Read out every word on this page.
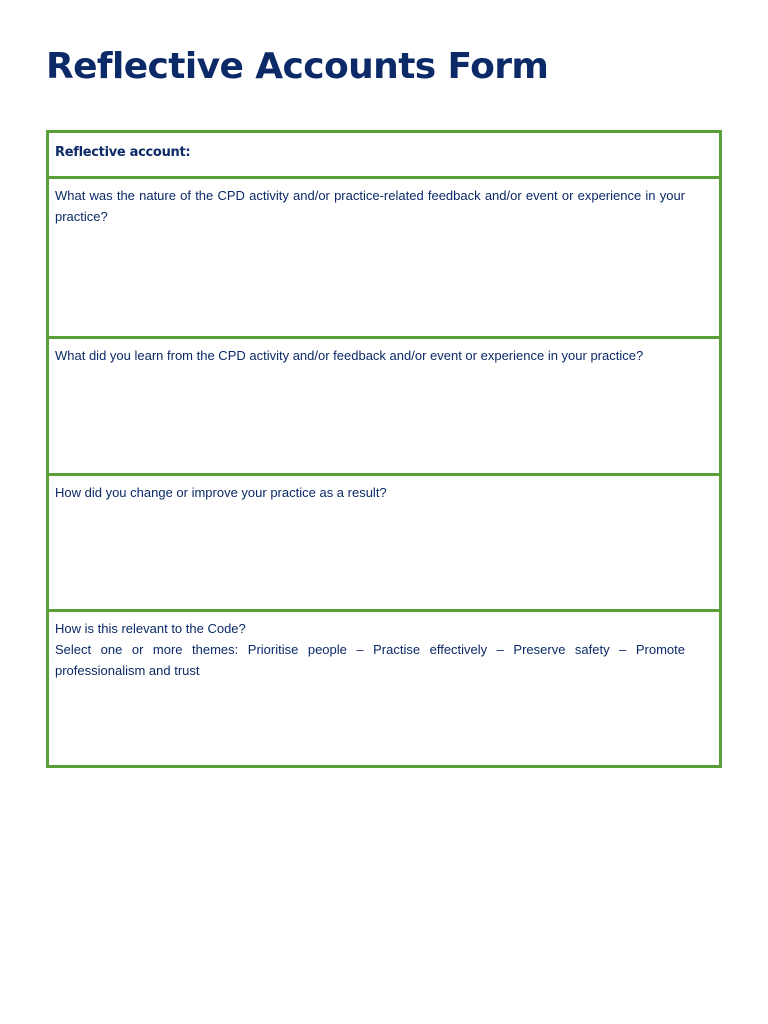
Reflective Accounts Form
Reflective account:
What was the nature of the CPD activity and/or practice-related feedback and/or event or experience in your practice?
What did you learn from the CPD activity and/or feedback and/or event or experience in your practice?
How did you change or improve your practice as a result?
How is this relevant to the Code?
Select one or more themes: Prioritise people – Practise effectively – Preserve safety – Promote professionalism and trust
